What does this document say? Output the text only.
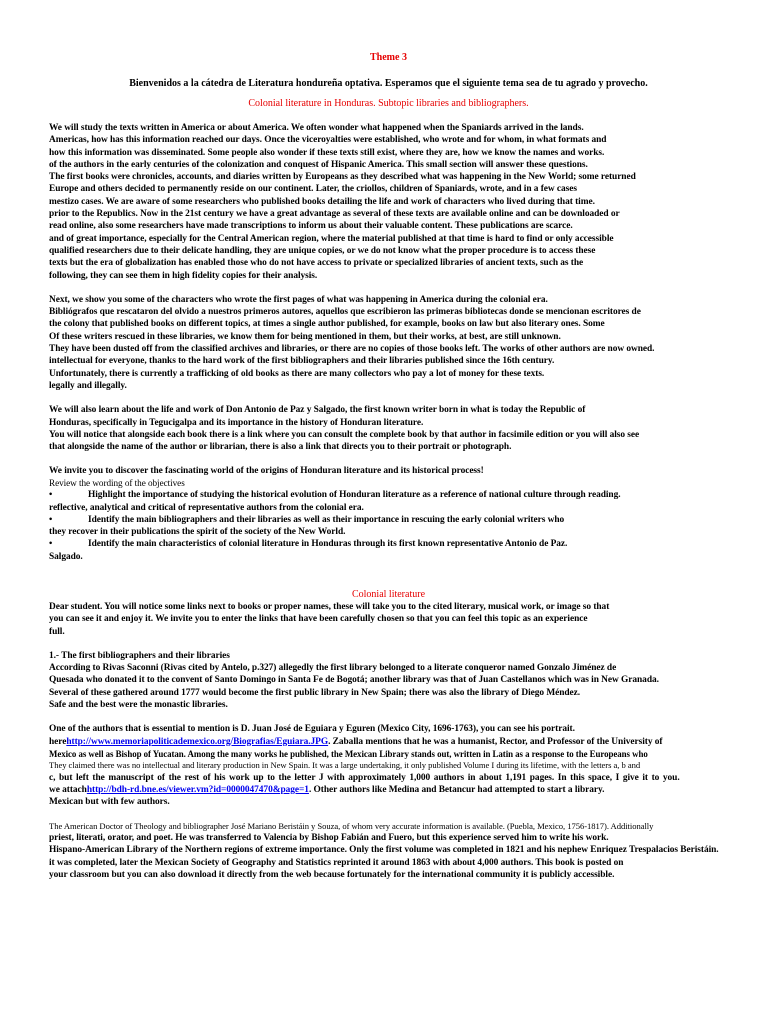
Theme 3
Bienvenidos a la cátedra de Literatura hondureña optativa. Esperamos que el siguiente tema sea de tu agrado y provecho.
Colonial literature in Honduras. Subtopic libraries and bibliographers.
We will study the texts written in America or about America. We often wonder what happened when the Spaniards arrived in the lands.
Americas, how has this information reached our days. Once the viceroyalties were established, who wrote and for whom, in what formats and
how this information was disseminated. Some people also wonder if these texts still exist, where they are, how we know the names and works.
of the authors in the early centuries of the colonization and conquest of Hispanic America. This small section will answer these questions.
The first books were chronicles, accounts, and diaries written by Europeans as they described what was happening in the New World; some returned
Europe and others decided to permanently reside on our continent. Later, the criollos, children of Spaniards, wrote, and in a few cases
mestizo cases. We are aware of some researchers who published books detailing the life and work of characters who lived during that time.
prior to the Republics. Now in the 21st century we have a great advantage as several of these texts are available online and can be downloaded or
read online, also some researchers have made transcriptions to inform us about their valuable content. These publications are scarce.
and of great importance, especially for the Central American region, where the material published at that time is hard to find or only accessible
qualified researchers due to their delicate handling, they are unique copies, or we do not know what the proper procedure is to access these
texts but the era of globalization has enabled those who do not have access to private or specialized libraries of ancient texts, such as the
following, they can see them in high fidelity copies for their analysis.
Next, we show you some of the characters who wrote the first pages of what was happening in America during the colonial era.
Bibliógrafos que rescataron del olvido a nuestros primeros autores, aquellos que escribieron las primeras bibliotecas donde se mencionan escritores de
the colony that published books on different topics, at times a single author published, for example, books on law but also literary ones. Some
Of these writers rescued in these libraries, we know them for being mentioned in them, but their works, at best, are still unknown.
They have been dusted off from the classified archives and libraries, or there are no copies of those books left. The works of other authors are now owned.
intellectual for everyone, thanks to the hard work of the first bibliographers and their libraries published since the 16th century.
Unfortunately, there is currently a trafficking of old books as there are many collectors who pay a lot of money for these texts.
legally and illegally.
We will also learn about the life and work of Don Antonio de Paz y Salgado, the first known writer born in what is today the Republic of
Honduras, specifically in Tegucigalpa and its importance in the history of Honduran literature.
You will notice that alongside each book there is a link where you can consult the complete book by that author in facsimile edition or you will also see
that alongside the name of the author or librarian, there is also a link that directs you to their portrait or photograph.
We invite you to discover the fascinating world of the origins of Honduran literature and its historical process!
Review the wording of the objectives
•	Highlight the importance of studying the historical evolution of Honduran literature as a reference of national culture through reading.
reflective, analytical and critical of representative authors from the colonial era.
•	Identify the main bibliographers and their libraries as well as their importance in rescuing the early colonial writers who
they recover in their publications the spirit of the society of the New World.
•	Identify the main characteristics of colonial literature in Honduras through its first known representative Antonio de Paz.
Salgado.
Colonial literature
Dear student. You will notice some links next to books or proper names, these will take you to the cited literary, musical work, or image so that
you can see it and enjoy it. We invite you to enter the links that have been carefully chosen so that you can feel this topic as an experience
full.
1.- The first bibliographers and their libraries
According to Rivas Saconni (Rivas cited by Antelo, p.327) allegedly the first library belonged to a literate conqueror named Gonzalo Jiménez de
Quesada who donated it to the convent of Santo Domingo in Santa Fe de Bogotá; another library was that of Juan Castellanos which was in New Granada.
Several of these gathered around 1777 would become the first public library in New Spain; there was also the library of Diego Méndez.
Safe and the best were the monastic libraries.
One of the authors that is essential to mention is D. Juan José de Eguiara y Eguren (Mexico City, 1696-1763), you can see his portrait.
herehttp://www.memoriapoliticademexico.org/Biografias/Eguiara.JPG. Zaballa mentions that he was a humanist, Rector, and Professor of the University of
Mexico as well as Bishop of Yucatan. Among the many works he published, the Mexican Library stands out, written in Latin as a response to the Europeans who
They claimed there was no intellectual and literary production in New Spain. It was a large undertaking, it only published Volume I during its lifetime, with the letters a, b and
c, but left the manuscript of the rest of his work up to the letter J with approximately 1,000 authors in about 1,191 pages. In this space, I give it to you.
we attachhttp://bdh-rd.bne.es/viewer.vm?id=0000047470&page=1. Other authors like Medina and Betancur had attempted to start a library.
Mexican but with few authors.
The American Doctor of Theology and bibliographer José Mariano Beristáin y Souza, of whom very accurate information is available. (Puebla, Mexico, 1756-1817). Additionally
priest, literati, orator, and poet. He was transferred to Valencia by Bishop Fabián and Fuero, but this experience served him to write his work.
Hispano-American Library of the Northern regions of extreme importance. Only the first volume was completed in 1821 and his nephew Enriquez Trespalacios Beristáin.
it was completed, later the Mexican Society of Geography and Statistics reprinted it around 1863 with about 4,000 authors. This book is posted on
your classroom but you can also download it directly from the web because fortunately for the international community it is publicly accessible.
